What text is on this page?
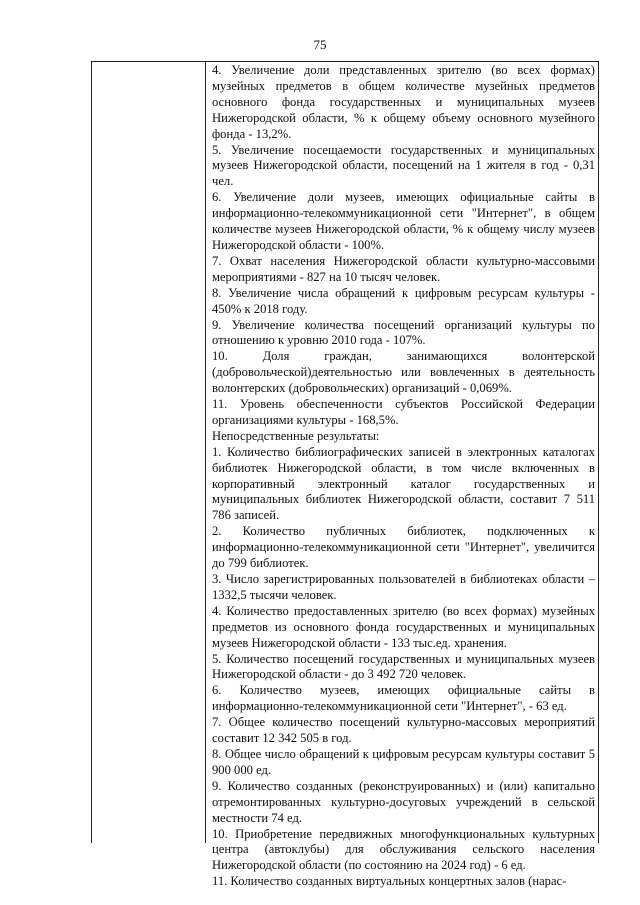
75

4. Увеличение доли представленных зрителю (во всех формах) музейных предметов в общем количестве музейных предметов основного фонда государственных и муниципальных музеев Нижегородской области, % к общему объему основного музейного фонда - 13,2%.

5. Увеличение посещаемости государственных и муниципальных музеев Нижегородской области, посещений на 1 жителя в год - 0,31 чел.

6. Увеличение доли музеев, имеющих официальные сайты в информационно-телекоммуникационной сети "Интернет", в общем количестве музеев Нижегородской области, % к общему числу музеев Нижегородской области - 100%.

7. Охват населения Нижегородской области культурно-массовыми мероприятиями - 827 на 10 тысяч человек.

8. Увеличение числа обращений к цифровым ресурсам культуры - 450% к 2018 году.

9. Увеличение количества посещений организаций культуры по отношению к уровню 2010 года - 107%.

10. Доля граждан, занимающихся волонтерской (добровольческой)деятельностью или вовлеченных в деятельность волонтерских (добровольческих) организаций - 0,069%.

11. Уровень обеспеченности субъектов Российской Федерации организациями культуры - 168,5%.

Непосредственные результаты:

1. Количество библиографических записей в электронных каталогах библиотек Нижегородской области, в том числе включенных в корпоративный электронный каталог государственных и муниципальных библиотек Нижегородской области, составит 7 511 786 записей.

2. Количество публичных библиотек, подключенных к информационно-телекоммуникационной сети "Интернет", увеличится до 799 библиотек.

3. Число зарегистрированных пользователей в библиотеках области – 1332,5 тысячи человек.

4. Количество предоставленных зрителю (во всех формах) музейных предметов из основного фонда государственных и муниципальных музеев Нижегородской области - 133 тыс.ед. хранения.

5. Количество посещений государственных и муниципальных музеев Нижегородской области - до 3 492 720 человек.

6. Количество музеев, имеющих официальные сайты в информационно-телекоммуникационной сети "Интернет", - 63 ед.

7. Общее количество посещений культурно-массовых мероприятий составит 12 342 505 в год.

8. Общее число обращений к цифровым ресурсам культуры составит 5 900 000 ед.

9. Количество созданных (реконструированных) и (или) капитально отремонтированных культурно-досуговых учреждений в сельской местности 74 ед.

10. Приобретение передвижных многофункциональных культурных центра (автоклубы) для обслуживания сельского населения Нижегородской области (по состоянию на 2024 год) - 6 ед.

11. Количество созданных виртуальных концертных залов (нарас-
